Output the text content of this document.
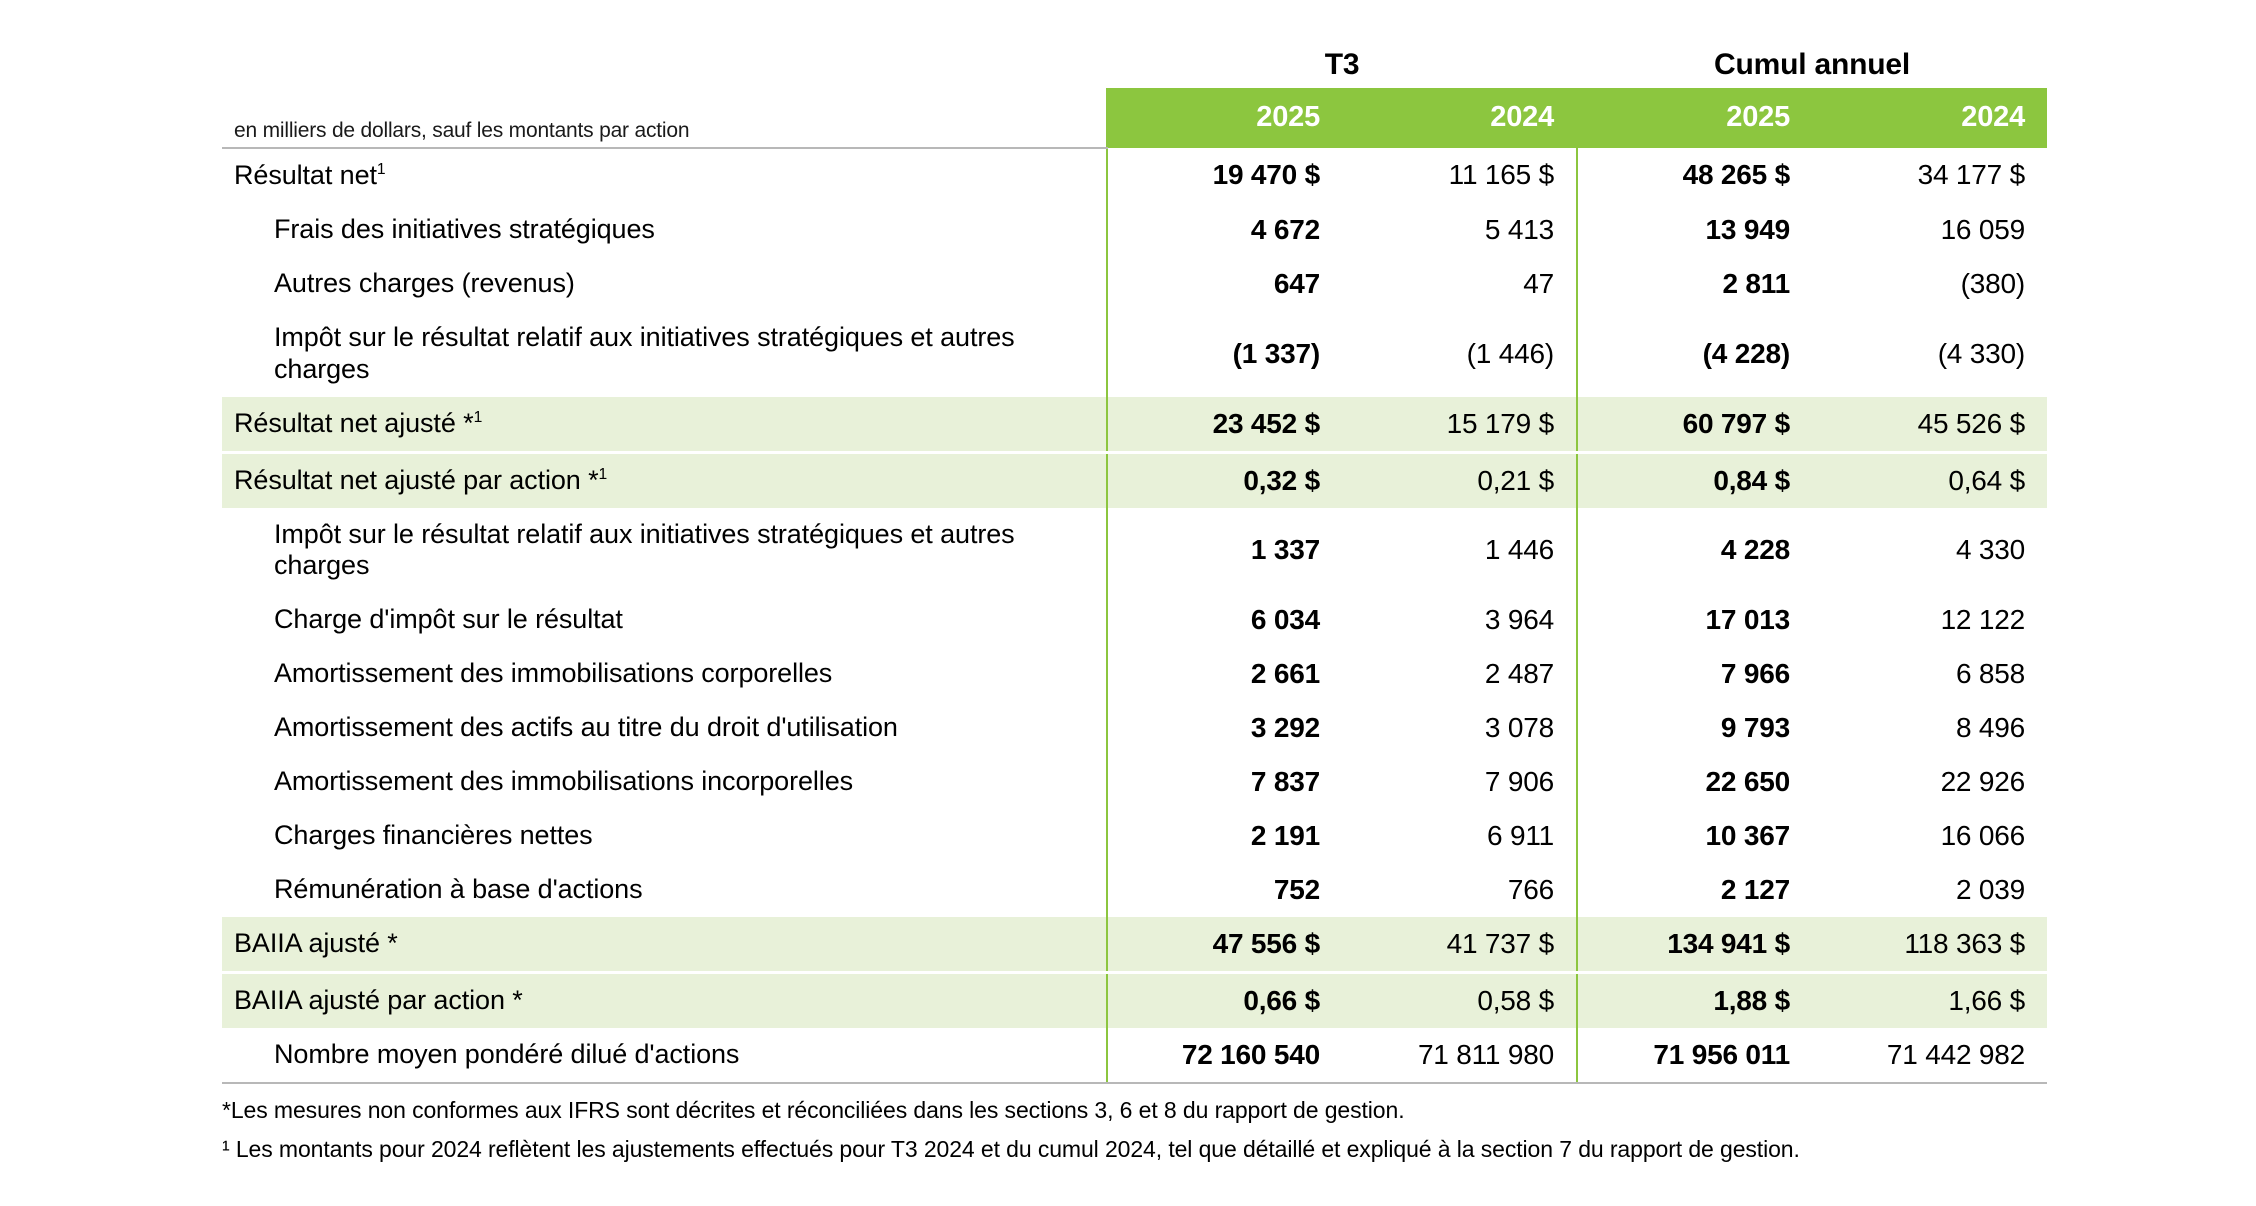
	T3		Cumul annuel	
en milliers de dollars, sauf les montants par action	2025	2024	2025	2024
Résultat net$^1$	19 470 $	11 165 $	48 265 $	34 177 $
Frais des initiatives stratégiques	4 672	5 413	13 949	16 059
Autres charges (revenus)	647	47	2 811	(380)
Impôt sur le résultat relatif aux initiatives stratégiques et autres charges	(1 337)	(1 446)	(4 228)	(4 330)
Résultat net ajusté *$^1$	23 452 $	15 179 $	60 797 $	45 526 $
Résultat net ajusté par action *$^1$	0,32 $	0,21 $	0,84 $	0,64 $
Impôt sur le résultat relatif aux initiatives stratégiques et autres charges	1 337	1 446	4 228	4 330
Charge d'impôt sur le résultat	6 034	3 964	17 013	12 122
Amortissement des immobilisations corporelles	2 661	2 487	7 966	6 858
Amortissement des actifs au titre du droit d'utilisation	3 292	3 078	9 793	8 496
Amortissement des immobilisations incorporelles	7 837	7 906	22 650	22 926
Charges financières nettes	2 191	6 911	10 367	16 066
Rémunération à base d'actions	752	766	2 127	2 039
BAIIA ajusté *	47 556 $	41 737 $	134 941 $	118 363 $
BAIIA ajusté par action *	0,66 $	0,58 $	1,88 $	1,66 $
Nombre moyen pondéré dilué d'actions	72 160 540	71 811 980	71 956 011	71 442 982

*Les mesures non conformes aux IFRS sont décrites et réconciliées dans les sections 3, 6 et 8 du rapport de gestion.

¹ Les montants pour 2024 reflètent les ajustements effectués pour T3 2024 et du cumul 2024, tel que détaillé et expliqué à la section 7 du rapport de gestion.
